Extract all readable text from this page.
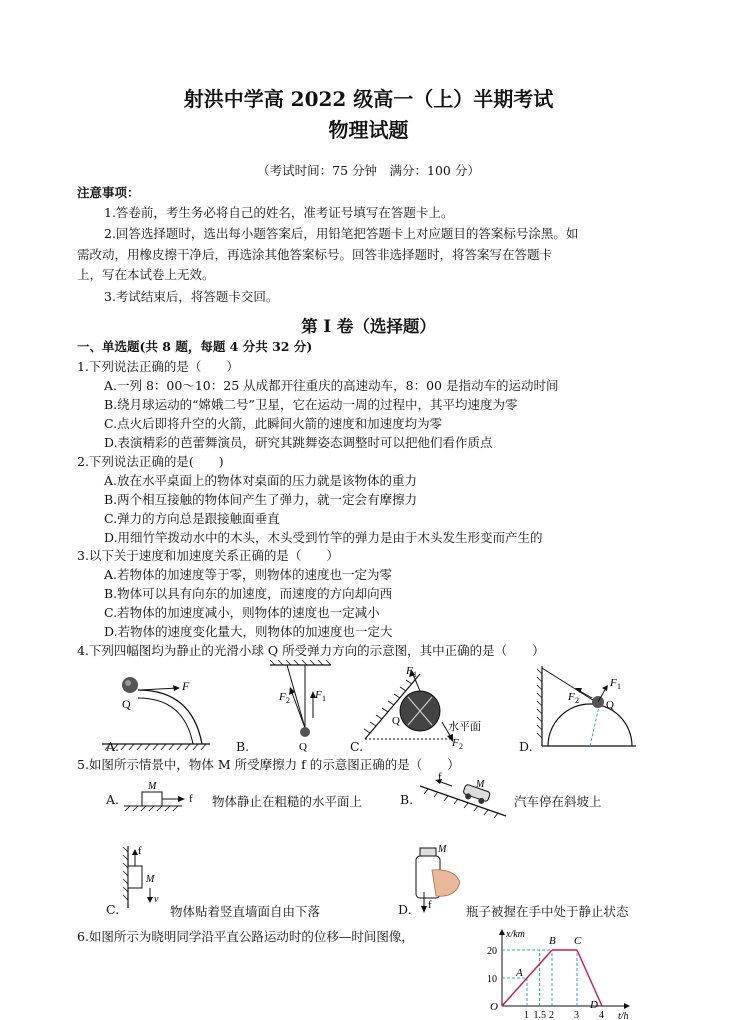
射洪中学高 2022 级高一（上）半期考试
物理试题
（考试时间：75 分钟　满分：100 分）
注意事项：
1.答卷前，考生务必将自己的姓名，准考证号填写在答题卡上。
2.回答选择题时，选出每小题答案后，用铅笔把答题卡上对应题目的答案标号涂黑。如
需改动，用橡皮擦干净后，再选涂其他答案标号。回答非选择题时，将答案写在答题卡
上，写在本试卷上无效。
3.考试结束后，将答题卡交回。
第 I 卷（选择题）
一、单选题(共 8 题，每题 4 分共 32 分)
1.下列说法正确的是（　　）
A.一列 8：00～10：25 从成都开往重庆的高速动车，8：00 是指动车的运动时间
B.绕月球运动的“嫦娥二号”卫星，它在运动一周的过程中，其平均速度为零
C.点火后即将升空的火箭，此瞬间火箭的速度和加速度均为零
D.表演精彩的芭蕾舞演员，研究其跳舞姿态调整时可以把他们看作质点
2.下列说法正确的是(　　)
A.放在水平桌面上的物体对桌面的压力就是该物体的重力
B.两个相互接触的物体间产生了弹力，就一定会有摩擦力
C.弹力的方向总是跟接触面垂直
D.用细竹竿拨动水中的木头，木头受到竹竿的弹力是由于木头发生形变而产生的
3.以下关于速度和加速度关系正确的是（　　）
A.若物体的加速度等于零，则物体的速度也一定为零
B.物体可以具有向东的加速度，而速度的方向却向西
C.若物体的加速度减小，则物体的速度也一定减小
D.若物体的速度变化量大，则物体的加速度也一定大
4.下列四幅图均为静止的光滑小球 Q 所受弹力方向的示意图，其中正确的是（　　）
F
Q
A.
F 2 F 1
Q
B.
F 1
F 2
Q	水平面
C.
F 1
F 2 Q
D.
5.如图所示情景中，物体 M 所受摩擦力 f 的示意图正确的是（　　）
A.
M
f 物体静止在粗糙的水平面上	B.
f
M
汽车停在斜坡上
f
M
v
C.	物体贴着竖直墙面自由下落
M
f
D.	瓶子被握在手中处于静止状态
6.如图所示为晓明同学沿平直公路运动时的位移—时间图像，	x/km
t/h
O
A
B C
D
1 1.5 2 3 4
10
20
